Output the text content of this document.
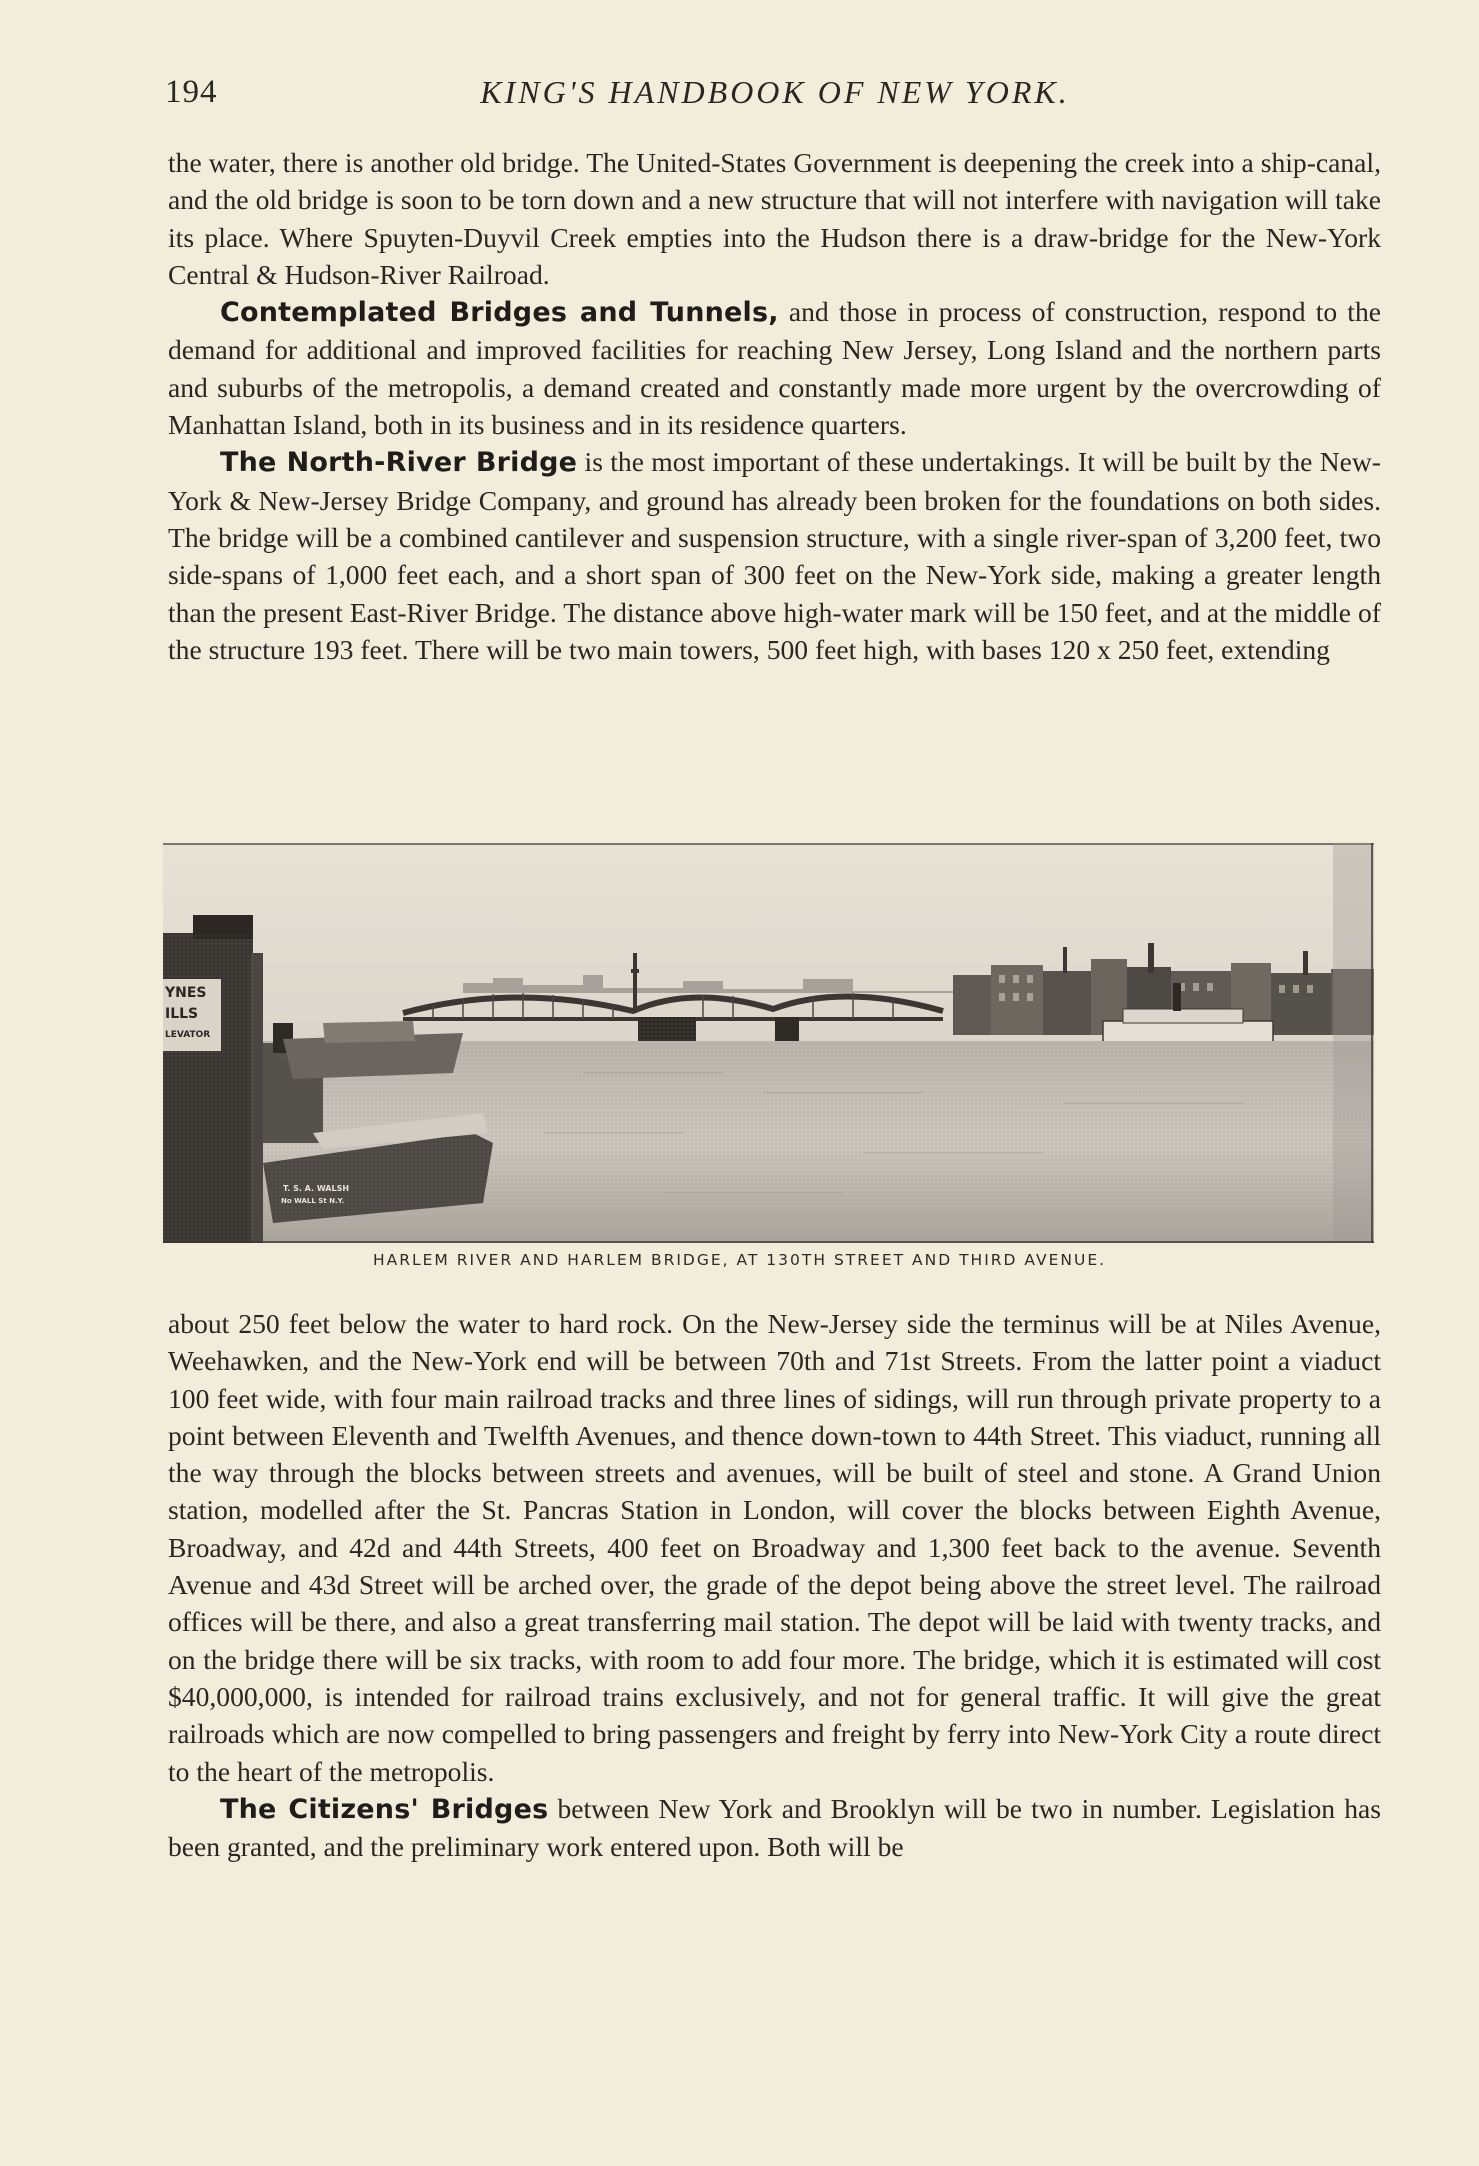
194	KING'S HANDBOOK OF NEW YORK.

the water, there is another old bridge. The United-States Government is deepening the creek into a ship-canal, and the old bridge is soon to be torn down and a new structure that will not interfere with navigation will take its place. Where Spuyten-Duyvil Creek empties into the Hudson there is a draw-bridge for the New-York Central & Hudson-River Railroad.

Contemplated Bridges and Tunnels, and those in process of construction, respond to the demand for additional and improved facilities for reaching New Jersey, Long Island and the northern parts and suburbs of the metropolis, a demand created and constantly made more urgent by the overcrowding of Manhattan Island, both in its business and in its residence quarters.

The North-River Bridge is the most important of these undertakings. It will be built by the New-York & New-Jersey Bridge Company, and ground has already been broken for the foundations on both sides. The bridge will be a combined cantilever and suspension structure, with a single river-span of 3,200 feet, two side-spans of 1,000 feet each, and a short span of 300 feet on the New-York side, making a greater length than the present East-River Bridge. The distance above high-water mark will be 150 feet, and at the middle of the structure 193 feet. There will be two main towers, 500 feet high, with bases 120 x 250 feet, extending

YNES
ILLS
LEVATOR
T. S. A. WALSH
No WALL St N.Y.
HARLEM RIVER AND HARLEM BRIDGE, AT 130TH STREET AND THIRD AVENUE.

about 250 feet below the water to hard rock. On the New-Jersey side the terminus will be at Niles Avenue, Weehawken, and the New-York end will be between 70th and 71st Streets. From the latter point a viaduct 100 feet wide, with four main railroad tracks and three lines of sidings, will run through private property to a point between Eleventh and Twelfth Avenues, and thence down-town to 44th Street. This viaduct, running all the way through the blocks between streets and avenues, will be built of steel and stone. A Grand Union station, modelled after the St. Pancras Station in London, will cover the blocks between Eighth Avenue, Broadway, and 42d and 44th Streets, 400 feet on Broadway and 1,300 feet back to the avenue. Seventh Avenue and 43d Street will be arched over, the grade of the depot being above the street level. The railroad offices will be there, and also a great transferring mail station. The depot will be laid with twenty tracks, and on the bridge there will be six tracks, with room to add four more. The bridge, which it is estimated will cost $40,000,000, is intended for railroad trains exclusively, and not for general traffic. It will give the great railroads which are now compelled to bring passengers and freight by ferry into New-York City a route direct to the heart of the metropolis.

The Citizens' Bridges between New York and Brooklyn will be two in number. Legislation has been granted, and the preliminary work entered upon. Both will be
